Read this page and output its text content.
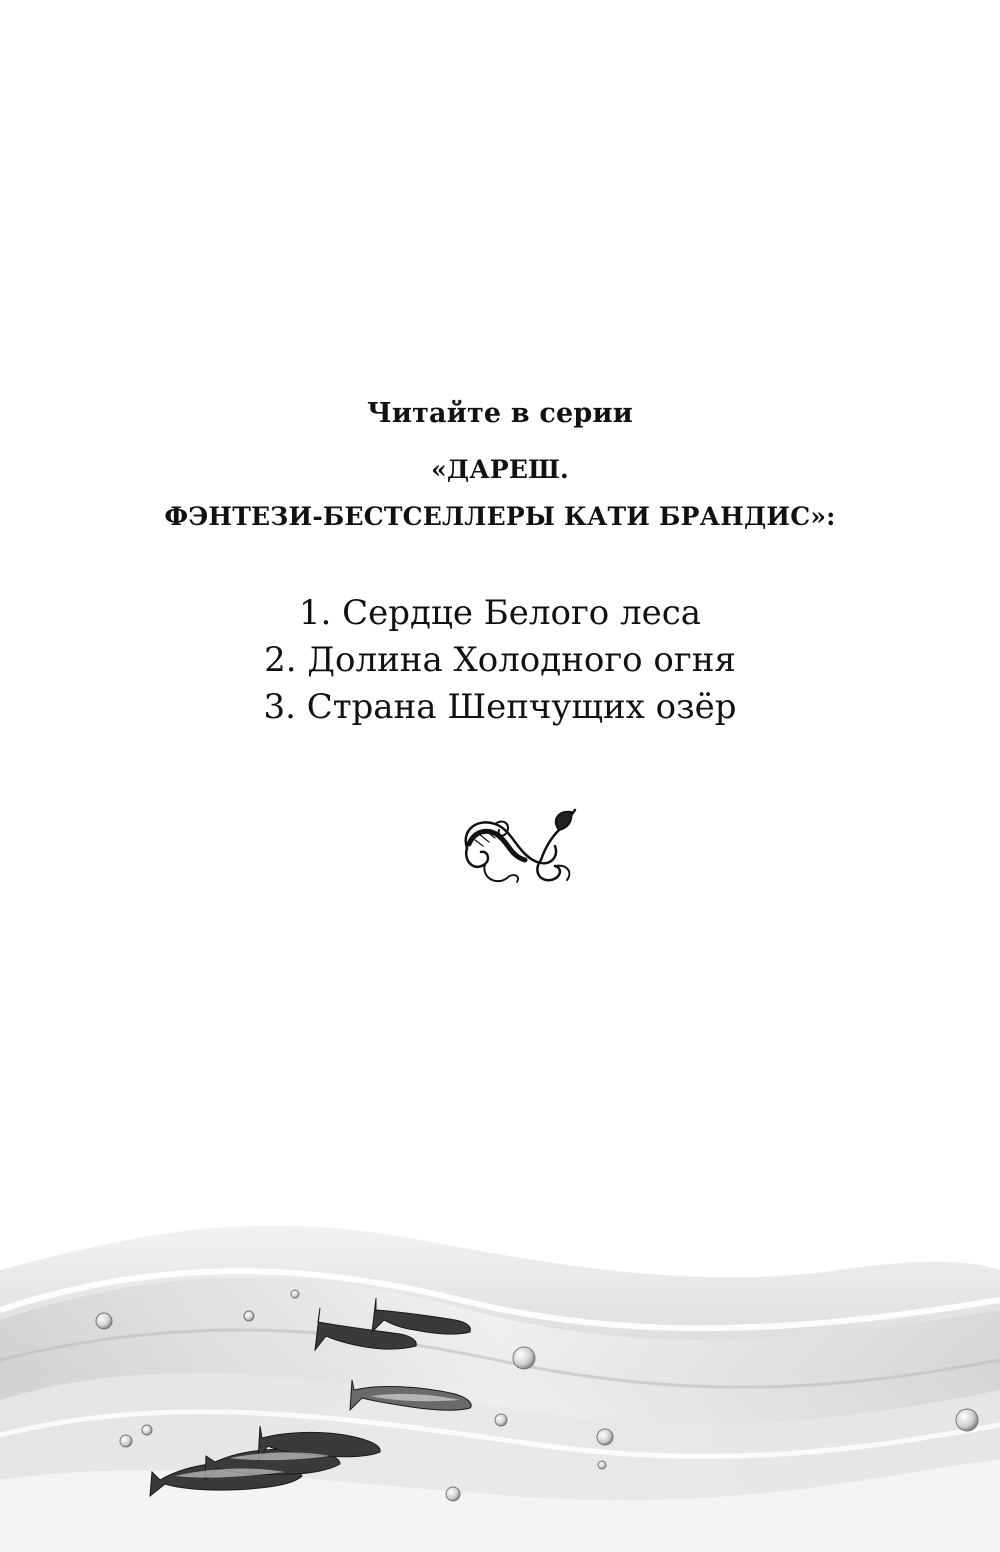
Читайте в серии

«ДАРЕШ.

ФЭНТЕЗИ-БЕСТСЕЛЛЕРЫ КАТИ БРАНДИС»:

1. Сердце Белого леса
2. Долина Холодного огня
3. Страна Шепчущих озёр
